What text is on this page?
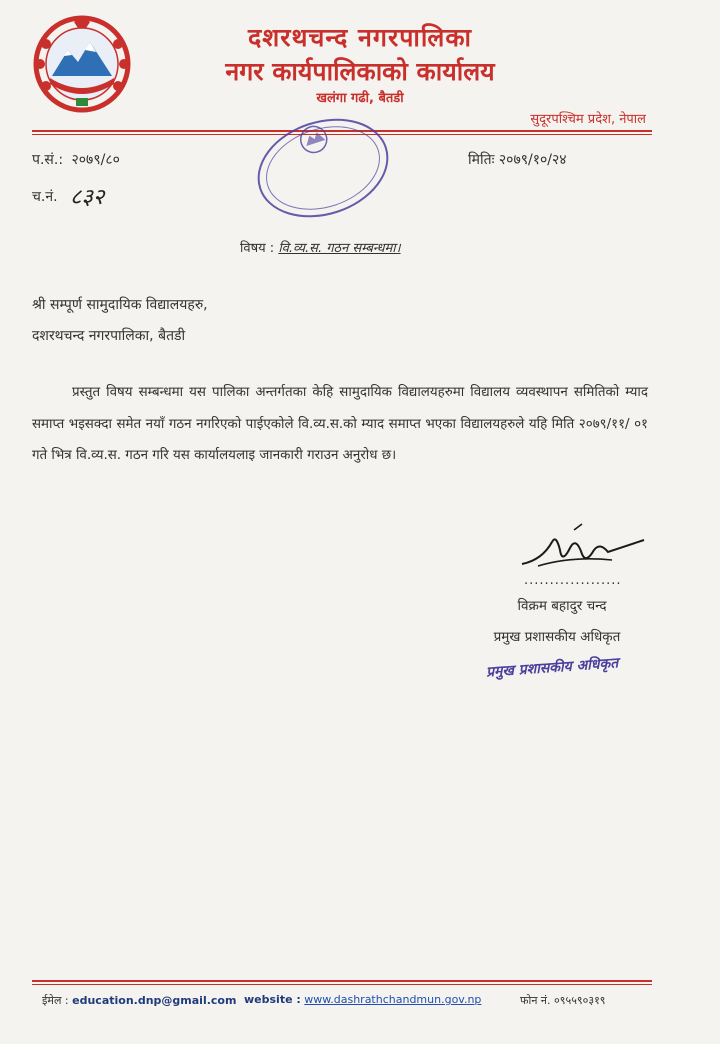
दशरथचन्द नगरपालिका
नगर कार्यपालिकाको कार्यालय
खलंगा गढी, बैतडी
सुदूरपश्चिम प्रदेश, नेपाल
प.सं.: २०७९/८०
च.नं. ८३२
मितिः २०७९/१०/२४
विषय : वि.व्य.स. गठन सम्बन्धमा।
श्री सम्पूर्ण सामुदायिक विद्यालयहरु,
दशरथचन्द नगरपालिका, बैतडी
प्रस्तुत विषय सम्बन्धमा यस पालिका अन्तर्गतका केहि सामुदायिक विद्यालयहरुमा विद्यालय व्यवस्थापन समितिको म्याद समाप्त भइसक्दा समेत नयाँ गठन नगरिएको पाईएकोले वि.व्य.स.को म्याद समाप्त भएका विद्यालयहरुले यहि मिति २०७९/११/ ०१ गते भित्र वि.व्य.स. गठन गरि यस कार्यालयलाइ जानकारी गराउन अनुरोध छ।
...................
विक्रम बहादुर चन्द
प्रमुख प्रशासकीय अधिकृत
प्रमुख प्रशासकीय अधिकृत
ईमेल : education.dnp@gmail.com website : www.dashrathchandmun.gov.np	फोन नं. ०९५५९०३१९
